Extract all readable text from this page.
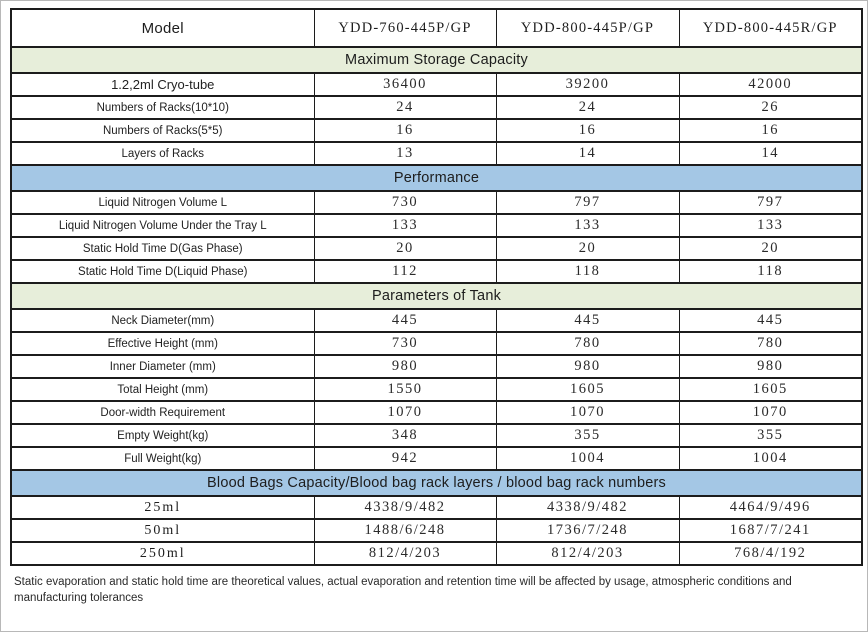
Model	YDD-760-445P/GP	YDD-800-445P/GP	YDD-800-445R/GP
Maximum Storage Capacity			
1.2,2ml Cryo-tube	36400	39200	42000
Numbers of Racks(10*10)	24	24	26
Numbers of Racks(5*5)	16	16	16
Layers of Racks	13	14	14
Performance			
Liquid Nitrogen Volume L	730	797	797
Liquid Nitrogen Volume Under the Tray L	133	133	133
Static Hold Time D(Gas Phase)	20	20	20
Static Hold Time D(Liquid Phase)	112	118	118
Parameters of Tank			
Neck Diameter(mm)	445	445	445
Effective Height (mm)	730	780	780
Inner Diameter (mm)	980	980	980
Total Height (mm)	1550	1605	1605
Door-width Requirement	1070	1070	1070
Empty Weight(kg)	348	355	355
Full Weight(kg)	942	1004	1004
Blood Bags Capacity/Blood bag rack layers / blood bag rack numbers			
25ml	4338/9/482	4338/9/482	4464/9/496
50ml	1488/6/248	1736/7/248	1687/7/241
250ml	812/4/203	812/4/203	768/4/192
Static evaporation and static hold time are theoretical values, actual evaporation and retention time will be affected by usage, atmospheric conditions and manufacturing tolerances
